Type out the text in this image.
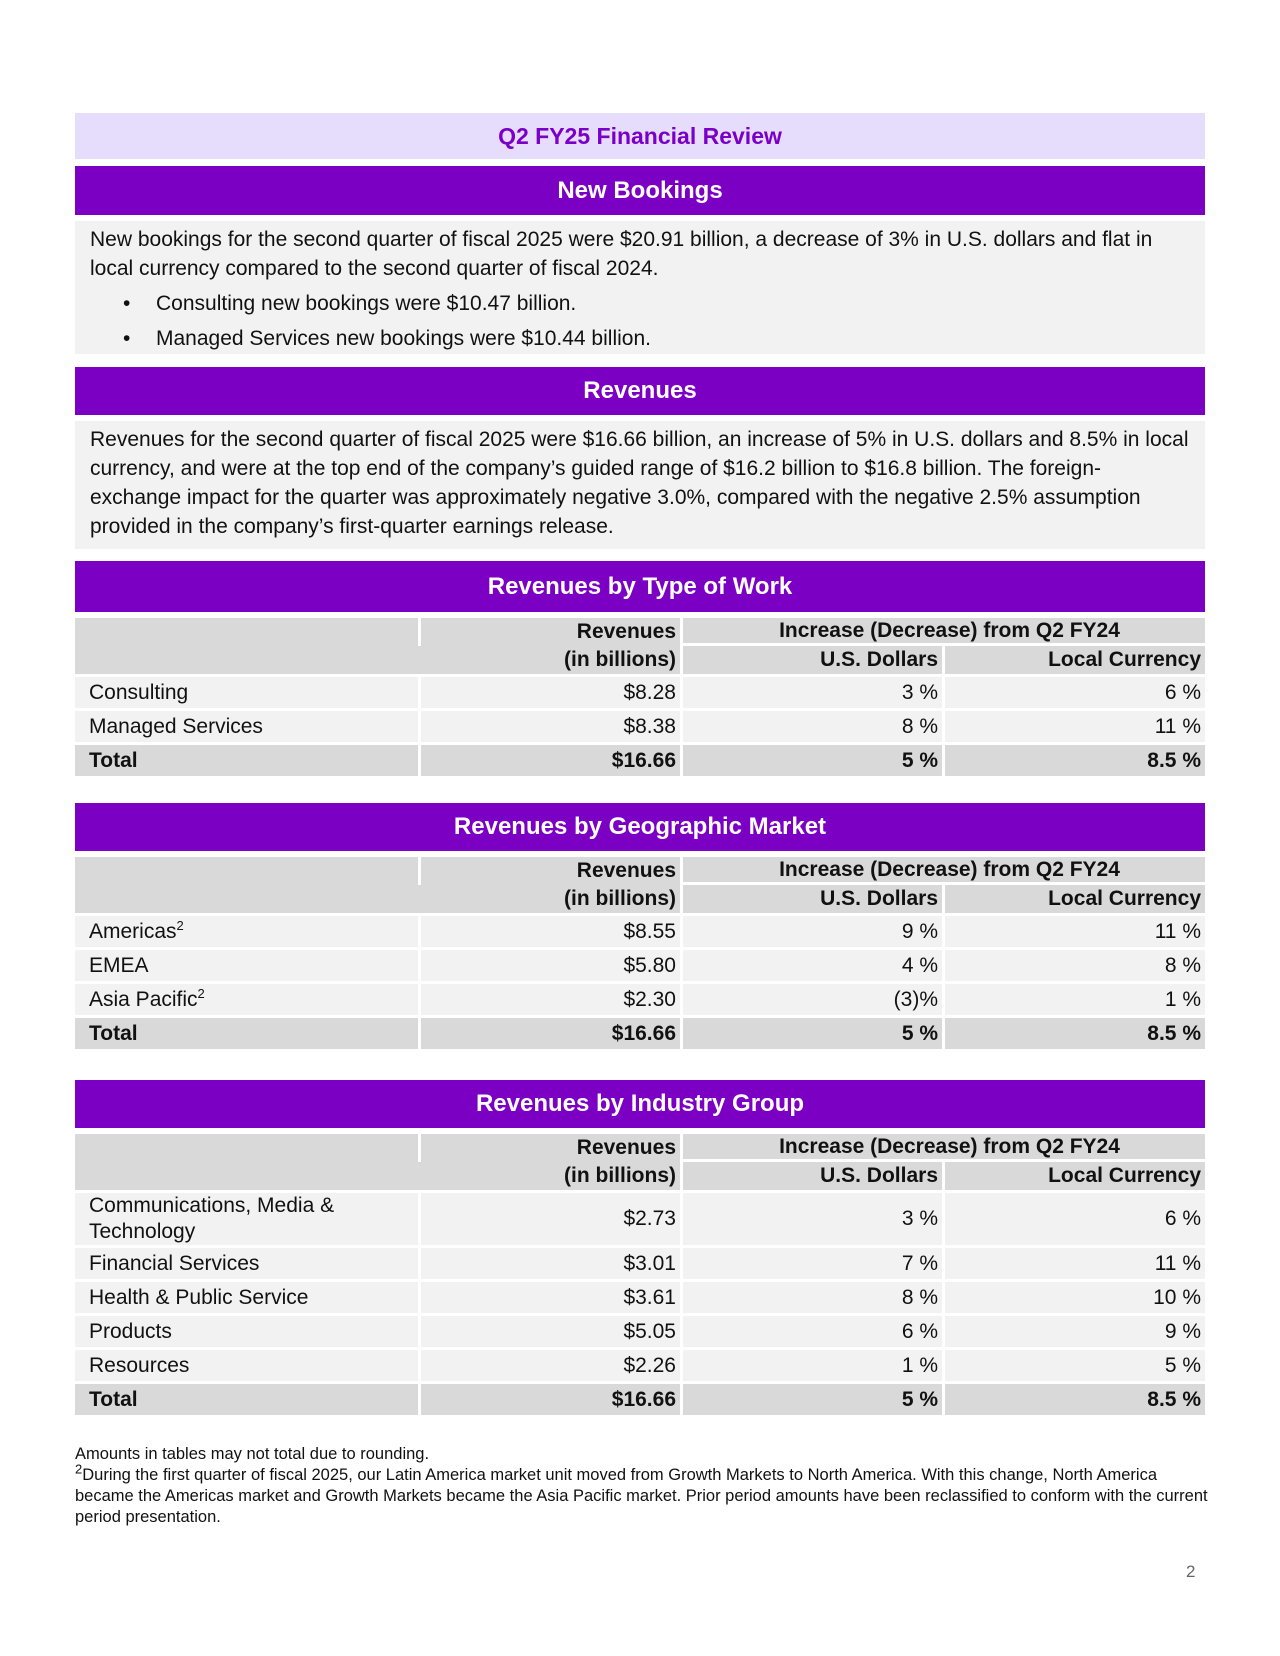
Q2 FY25 Financial Review
New Bookings
New bookings for the second quarter of fiscal 2025 were $20.91 billion, a decrease of 3% in U.S. dollars and flat in local currency compared to the second quarter of fiscal 2024.
•	Consulting new bookings were $10.47 billion.
•	Managed Services new bookings were $10.44 billion.
Revenues
Revenues for the second quarter of fiscal 2025 were $16.66 billion, an increase of 5% in U.S. dollars and 8.5% in local currency, and were at the top end of the company’s guided range of $16.2 billion to $16.8 billion. The foreign-exchange impact for the quarter was approximately negative 3.0%, compared with the negative 2.5% assumption provided in the company’s first-quarter earnings release.
Revenues by Type of Work
	Revenues	Increase (Decrease) from Q2 FY24	
	(in billions)	U.S. Dollars	Local Currency
Consulting	$8.28	3 %	6 %
Managed Services	$8.38	8 %	11 %
Total	$16.66	5 %	8.5 %
Revenues by Geographic Market
	Revenues	Increase (Decrease) from Q2 FY24	
	(in billions)	U.S. Dollars	Local Currency
Americas$^2$	$8.55	9 %	11 %
EMEA	$5.80	4 %	8 %
Asia Pacific$^2$	$2.30	(3)%	1 %
Total	$16.66	5 %	8.5 %
Revenues by Industry Group
	Revenues	Increase (Decrease) from Q2 FY24	
	(in billions)	U.S. Dollars	Local Currency
Communications, Media & Technology	$2.73	3 %	6 %
Financial Services	$3.01	7 %	11 %
Health & Public Service	$3.61	8 %	10 %
Products	$5.05	6 %	9 %
Resources	$2.26	1 %	5 %
Total	$16.66	5 %	8.5 %
Amounts in tables may not total due to rounding.
$^2$During the first quarter of fiscal 2025, our Latin America market unit moved from Growth Markets to North America. With this change, North America became the Americas market and Growth Markets became the Asia Pacific market. Prior period amounts have been reclassified to conform with the current period presentation.
2
